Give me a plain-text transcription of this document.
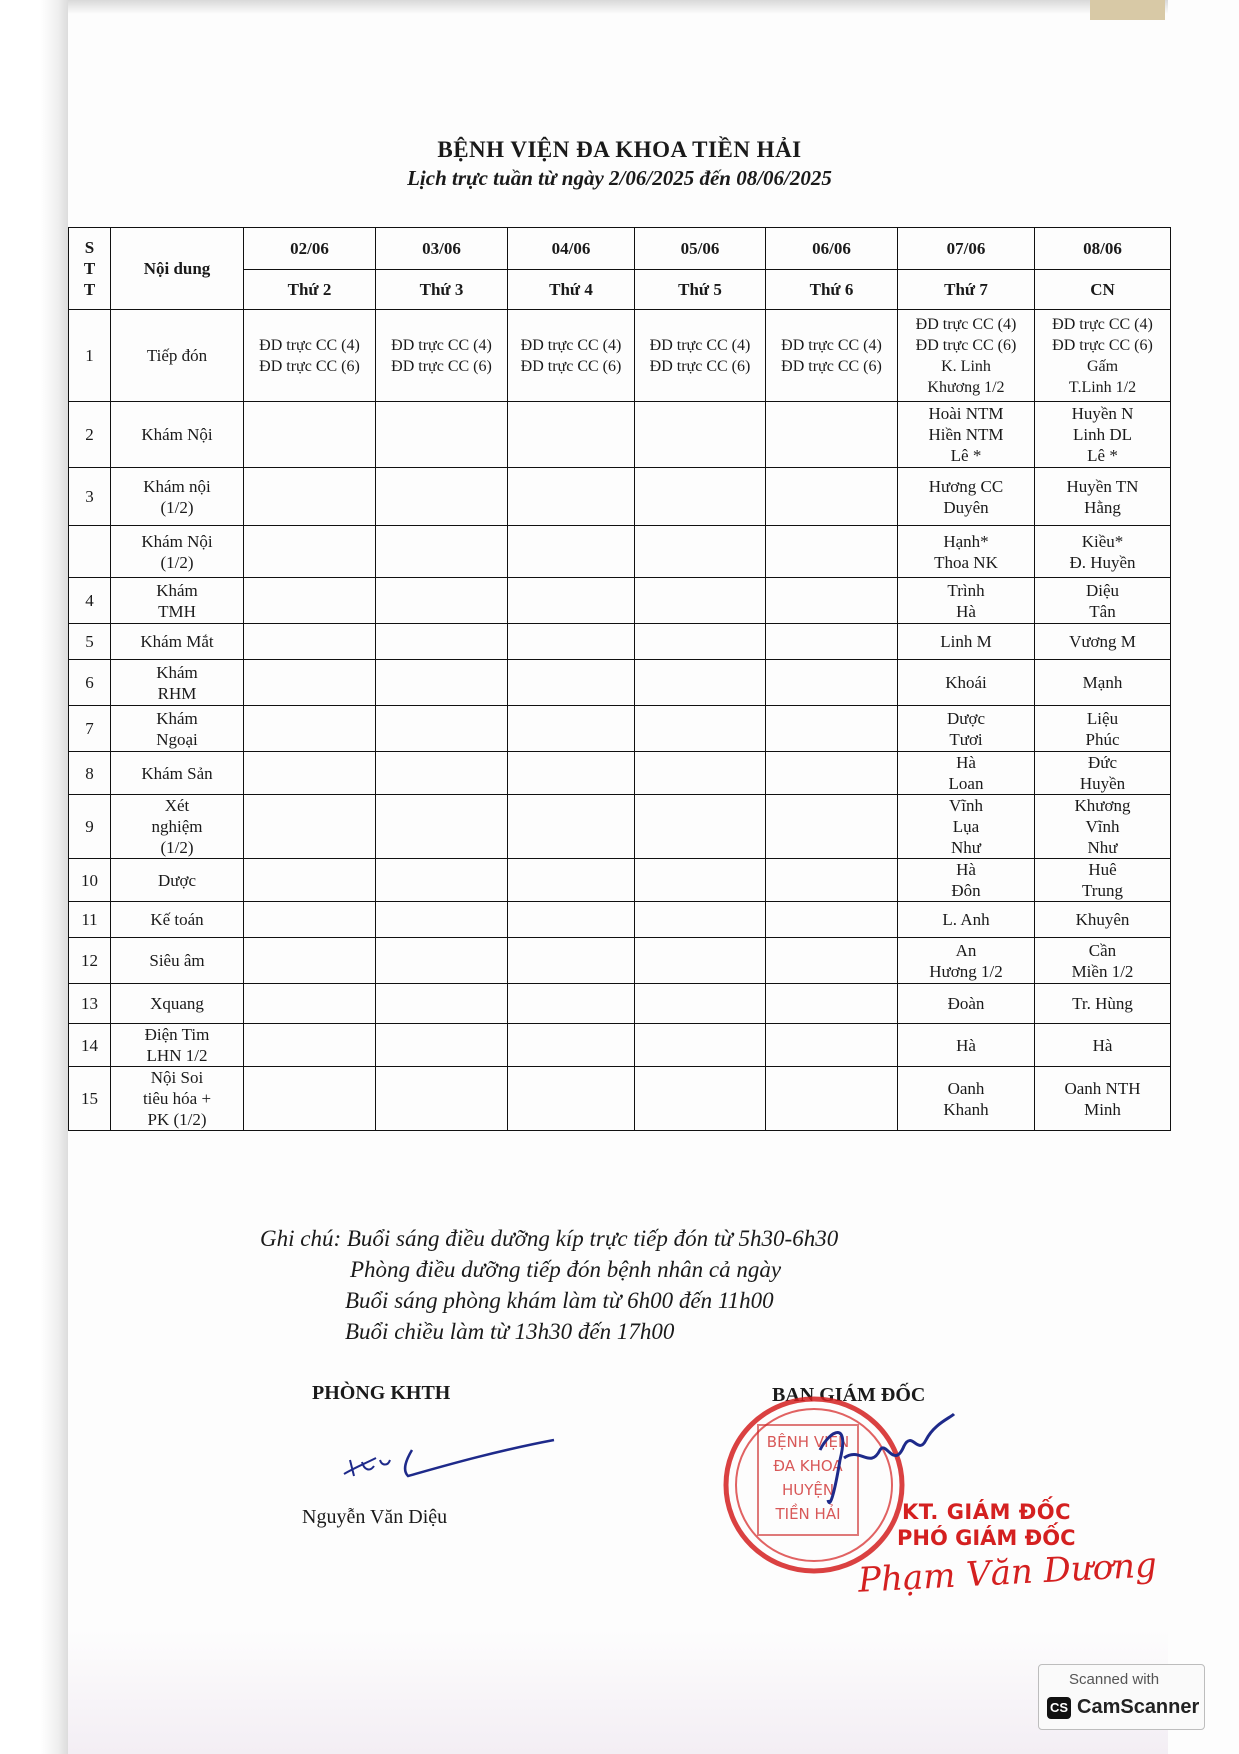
BỆNH VIỆN ĐA KHOA TIỀN HẢI
Lịch trực tuần từ ngày 2/06/2025 đến 08/06/2025
S
T
T	Nội dung	02/06	03/06	04/06	05/06	06/06	07/06	08/06
		Thứ 2	Thứ 3	Thứ 4	Thứ 5	Thứ 6	Thứ 7	CN
1	Tiếp đón	ĐD trực CC (4)
ĐD trực CC (6)	ĐD trực CC (4)
ĐD trực CC (6)	ĐD trực CC (4)
ĐD trực CC (6)	ĐD trực CC (4)
ĐD trực CC (6)	ĐD trực CC (4)
ĐD trực CC (6)	ĐD trực CC (4)
ĐD trực CC (6)
K. Linh
Khương 1/2	ĐD trực CC (4)
ĐD trực CC (6)
Gấm
T.Linh 1/2

2	Khám Nội						Hoài NTM
Hiền NTM
Lê *	Huyền N
Linh DL
Lê *

3	Khám nội
(1/2)						Hương CC
Duyên	Huyền TN
Hằng

	Khám Nội
(1/2)						Hạnh*
Thoa NK	Kiều*
Đ. Huyền

4	Khám
TMH						Trình
Hà	Diệu
Tân

5	Khám Mắt						Linh M	Vương M

6	Khám
RHM						Khoái	Mạnh

7	Khám
Ngoại						Dược
Tươi	Liệu
Phúc

8	Khám Sản						Hà
Loan	Đức
Huyền

9	Xét
nghiệm
(1/2)						Vĩnh
Lụa
Như	Khương
Vĩnh
Như

10	Dược						Hà
Đôn	Huê
Trung

11	Kế toán						L. Anh	Khuyên

12	Siêu âm						An
Hương 1/2	Cần
Miền 1/2

13	Xquang						Đoàn	Tr. Hùng

14	Điện Tim
LHN 1/2						Hà	Hà

15	Nội Soi
tiêu hóa +
PK (1/2)						Oanh
Khanh	Oanh NTH
Minh
Ghi chú: Buổi sáng điều dưỡng kíp trực tiếp đón từ 5h30-6h30
Phòng điều dưỡng tiếp đón bệnh nhân cả ngày
Buổi sáng phòng khám làm từ 6h00 đến 11h00
Buổi chiều làm từ 13h30 đến 17h00
PHÒNG KHTH
Nguyễn Văn Diệu
BAN GIÁM ĐỐC
BỆNH VIỆN
ĐA KHOA
HUYỆN
TIỀN HẢI	KT. GIÁM ĐỐC
PHÓ GIÁM ĐỐC
Phạm Văn Dương
Scanned with
CS CamScanner
